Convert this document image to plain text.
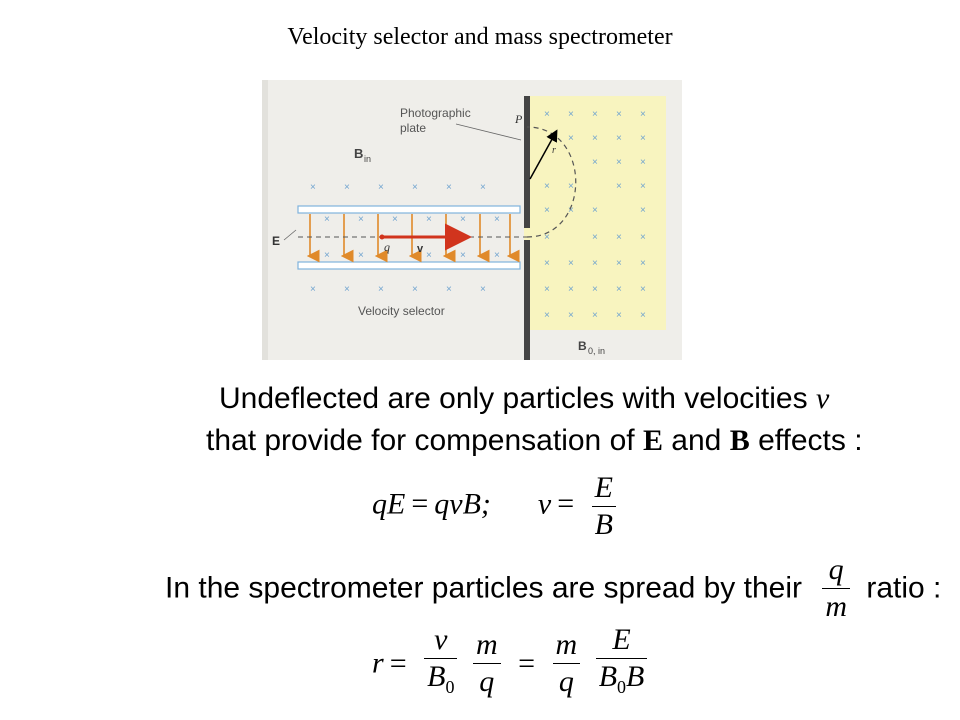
Velocity selector and mass spectrometer
× × × × ×
× × × ×
× × ×
× ×	× ×
× × ×	×
×	× × ×
× × × × ×
× × × × ×
× × × × ×
×	×	×	×	×	×
×	×	×	×	×	×
×	×	×	×	×	×
×	×	×	×	×
Photographic
plate
B in
E	q v
P
r
Velocity selector
B 0, in
Undeflected are only particles with velocities v
that provide for compensation of E and B effects :
qE = qvB; $v = \frac{E}{B}$
In the spectrometer particles are spread by their $\frac{q}{m}$ ratio :
$r = \frac{v}{B_0}$
$\frac{m}{q} = \frac{m}{q}$
$\frac{E}{B_0B}$
